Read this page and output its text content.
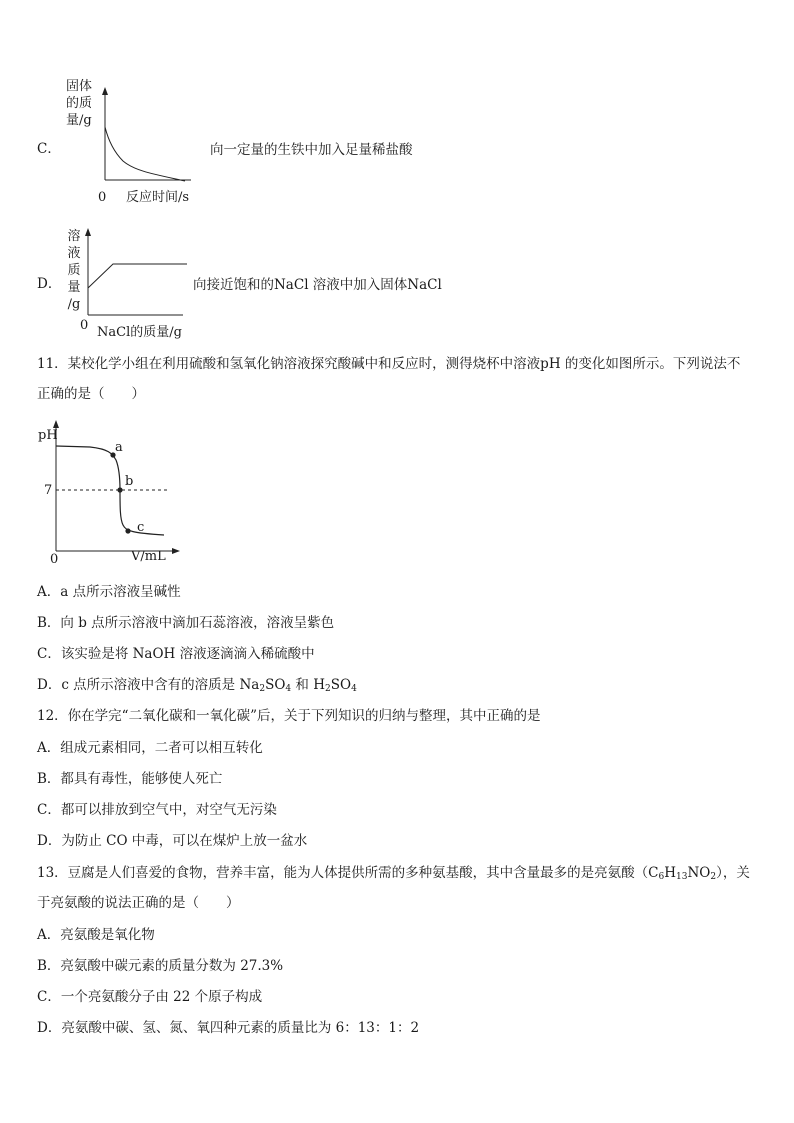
C．
固体
的质
量/g
0 反应时间/s
向一定量的生铁中加入足量稀盐酸
D．
溶
液
质
量
/g
0 NaCl的质量/g
向接近饱和的NaCl 溶液中加入固体NaCl
11．某校化学小组在利用硫酸和氢氧化钠溶液探究酸碱中和反应时，测得烧杯中溶液pH 的变化如图所示。下列说法不
正确的是（　　）
pH
7
0	V/mL
a
b
c
A．a 点所示溶液呈碱性
B．向 b 点所示溶液中滴加石蕊溶液，溶液呈紫色
C．该实验是将 NaOH 溶液逐滴滴入稀硫酸中
D．c 点所示溶液中含有的溶质是 $Na_2SO_4$ 和 $H_2SO_4$
12．你在学完“二氧化碳和一氧化碳”后，关于下列知识的归纳与整理，其中正确的是
A．组成元素相同，二者可以相互转化
B．都具有毒性，能够使人死亡
C．都可以排放到空气中，对空气无污染
D．为防止 CO 中毒，可以在煤炉上放一盆水
13．豆腐是人们喜爱的食物，营养丰富，能为人体提供所需的多种氨基酸，其中含量最多的是亮氨酸$(C_6H_{13}NO_2)$，关
于亮氨酸的说法正确的是（　　）
A．亮氨酸是氧化物
B．亮氨酸中碳元素的质量分数为 27.3%
C．一个亮氨酸分子由 22 个原子构成
D．亮氨酸中碳、氢、氮、氧四种元素的质量比为 6：13：1：2
